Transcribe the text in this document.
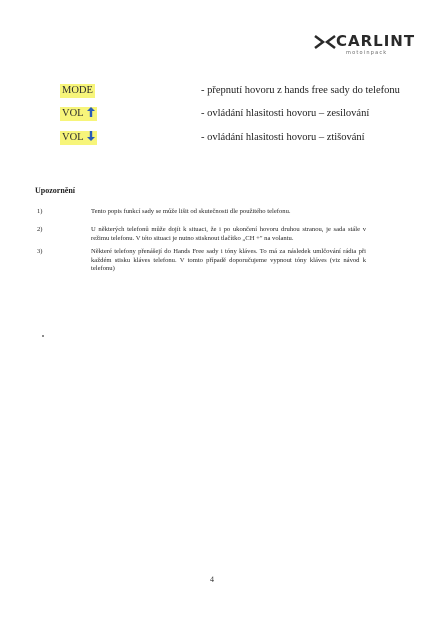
CARLINT
motoinpack
MODE	- přepnutí hovoru z hands free sady do telefonu
VOL	- ovládání hlasitosti hovoru – zesilování
VOL	- ovládání hlasitosti hovoru – ztišování
Upozornění
1)	Tento popis funkcí sady se může lišit od skutečnosti dle použitého telefonu.
2)	U některých telefonů může dojít k situaci, že i po ukončení hovoru druhou stranou, je sada stále v režimu telefonu. V této situaci je nutno stisknout tlačítko „CH +" na volantu.
3)	Některé telefony přenášejí do Hands Free sady i tóny kláves. To má za následek umlčování rádia při každém stisku kláves telefonu. V tomto případě doporučujeme vypnout tóny kláves (viz návod k telefonu)
4
